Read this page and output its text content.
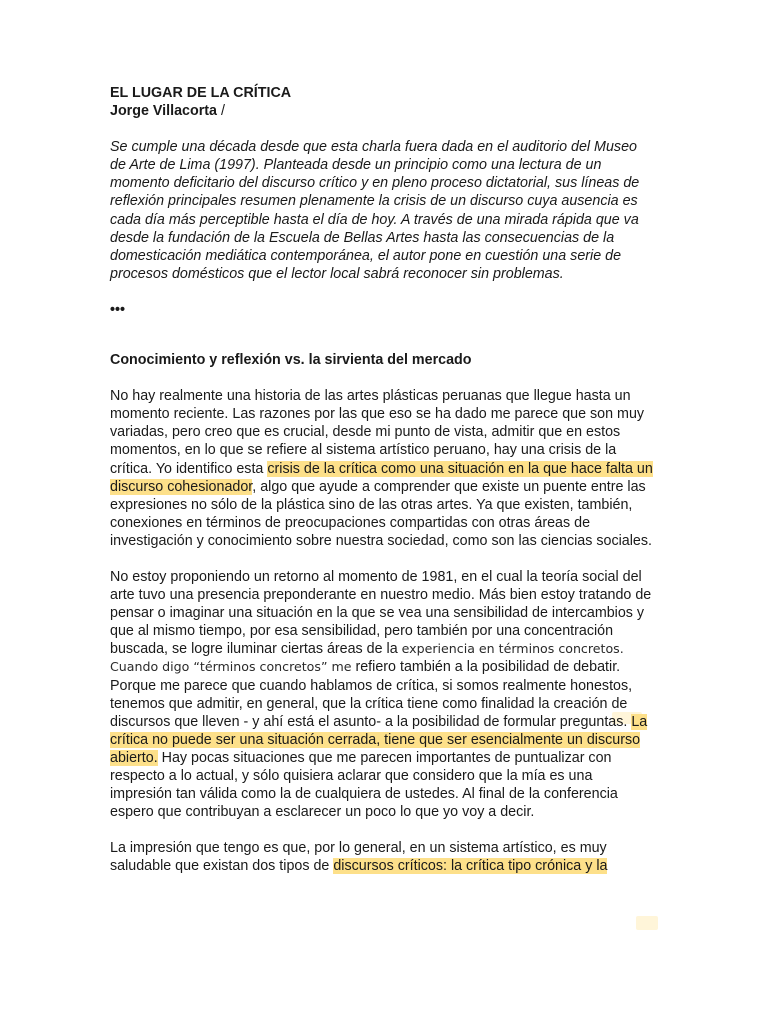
EL LUGAR DE LA CRÍTICA

Jorge Villacorta /

Se cumple una década desde que esta charla fuera dada en el auditorio del Museo de Arte de Lima (1997). Planteada desde un principio como una lectura de un momento deficitario del discurso crítico y en pleno proceso dictatorial, sus líneas de reflexión principales resumen plenamente la crisis de un discurso cuya ausencia es cada día más perceptible hasta el día de hoy. A través de una mirada rápida que va desde la fundación de la Escuela de Bellas Artes hasta las consecuencias de la domesticación mediática contemporánea, el autor pone en cuestión una serie de procesos domésticos que el lector local sabrá reconocer sin problemas.

•••

Conocimiento y reflexión vs. la sirvienta del mercado

No hay realmente una historia de las artes plásticas peruanas que llegue hasta un momento reciente. Las razones por las que eso se ha dado me parece que son muy variadas, pero creo que es crucial, desde mi punto de vista, admitir que en estos momentos, en lo que se refiere al sistema artístico peruano, hay una crisis de la crítica. Yo identifico esta crisis de la crítica como una situación en la que hace falta un discurso cohesionador, algo que ayude a comprender que existe un puente entre las expresiones no sólo de la plástica sino de las otras artes. Ya que existen, también, conexiones en términos de preocupaciones compartidas con otras áreas de investigación y conocimiento sobre nuestra sociedad, como son las ciencias sociales.

No estoy proponiendo un retorno al momento de 1981, en el cual la teoría social del arte tuvo una presencia preponderante en nuestro medio. Más bien estoy tratando de pensar o imaginar una situación en la que se vea una sensibilidad de intercambios y que al mismo tiempo, por esa sensibilidad, pero también por una concentración buscada, se logre iluminar ciertas áreas de la experiencia en términos concretos. Cuando digo “términos concretos” me refiero también a la posibilidad de debatir. Porque me parece que cuando hablamos de crítica, si somos realmente honestos, tenemos que admitir, en general, que la crítica tiene como finalidad la creación de discursos que lleven - y ahí está el asunto- a la posibilidad de formular preguntas. La crítica no puede ser una situación cerrada, tiene que ser esencialmente un discurso abierto. Hay pocas situaciones que me parecen importantes de puntualizar con respecto a lo actual, y sólo quisiera aclarar que considero que la mía es una impresión tan válida como la de cualquiera de ustedes. Al final de la conferencia espero que contribuyan a esclarecer un poco lo que yo voy a decir.

La impresión que tengo es que, por lo general, en un sistema artístico, es muy saludable que existan dos tipos de discursos críticos: la crítica tipo crónica y la
